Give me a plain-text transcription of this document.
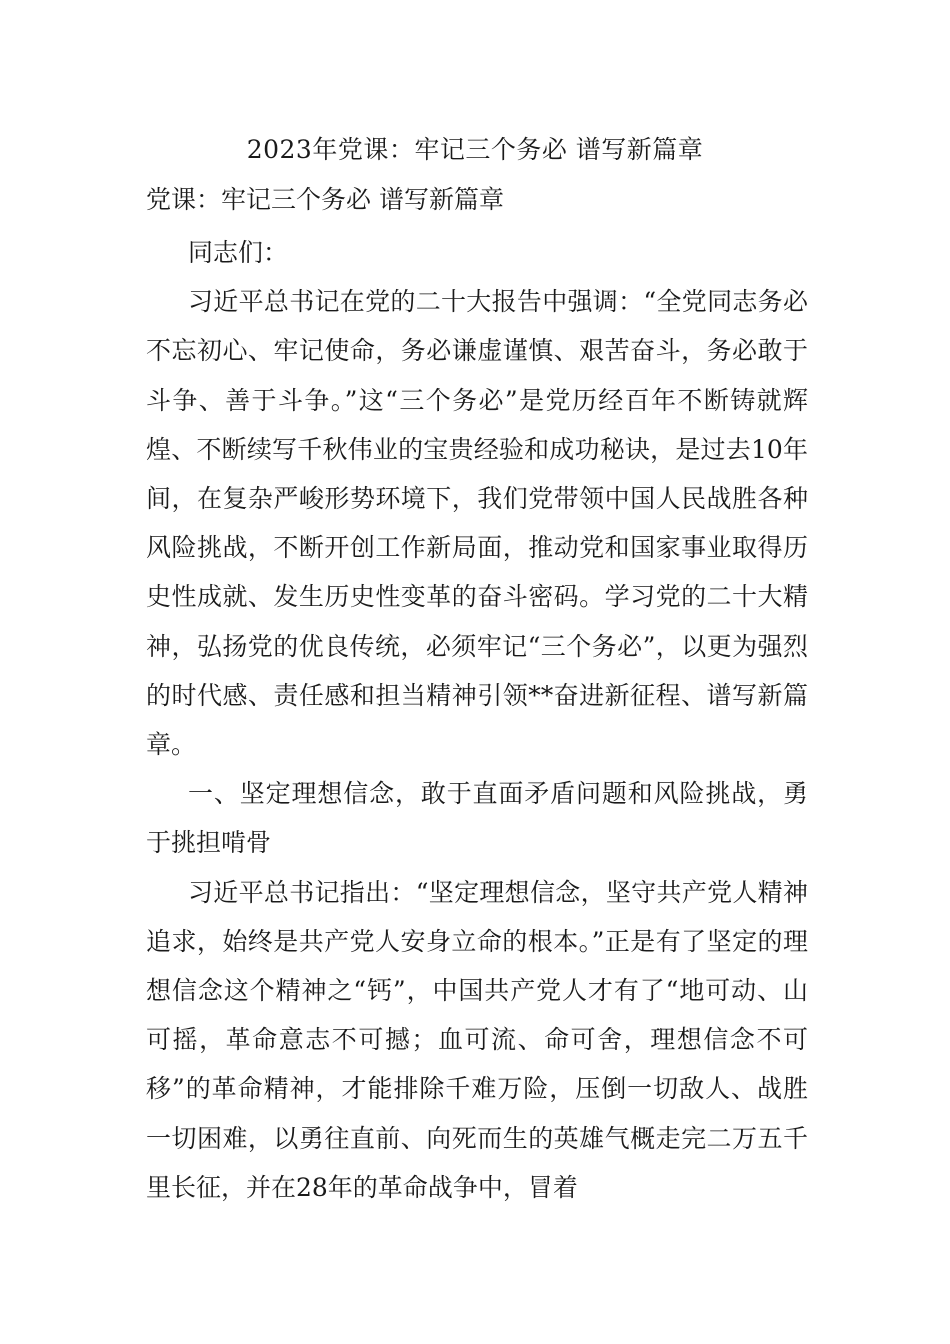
2023年党课：牢记三个务必 谱写新篇章
党课：牢记三个务必 谱写新篇章

同志们：

习近平总书记在党的二十大报告中强调：“全党同志务必不忘初心、牢记使命，务必谦虚谨慎、艰苦奋斗，务必敢于斗争、善于斗争。”这“三个务必”是党历经百年不断铸就辉煌、不断续写千秋伟业的宝贵经验和成功秘诀，是过去10年间，在复杂严峻形势环境下，我们党带领中国人民战胜各种风险挑战，不断开创工作新局面，推动党和国家事业取得历史性成就、发生历史性变革的奋斗密码。学习党的二十大精神，弘扬党的优良传统，必须牢记“三个务必”，以更为强烈的时代感、责任感和担当精神引领**奋进新征程、谱写新篇章。

一、坚定理想信念，敢于直面矛盾问题和风险挑战，勇于挑担啃骨

习近平总书记指出：“坚定理想信念，坚守共产党人精神追求，始终是共产党人安身立命的根本。”正是有了坚定的理想信念这个精神之“钙”，中国共产党人才有了“地可动、山可摇，革命意志不可撼；血可流、命可舍，理想信念不可移”的革命精神，才能排除千难万险，压倒一切敌人、战胜一切困难，以勇往直前、向死而生的英雄气概走完二万五千里长征，并在28年的革命战争中，冒着
